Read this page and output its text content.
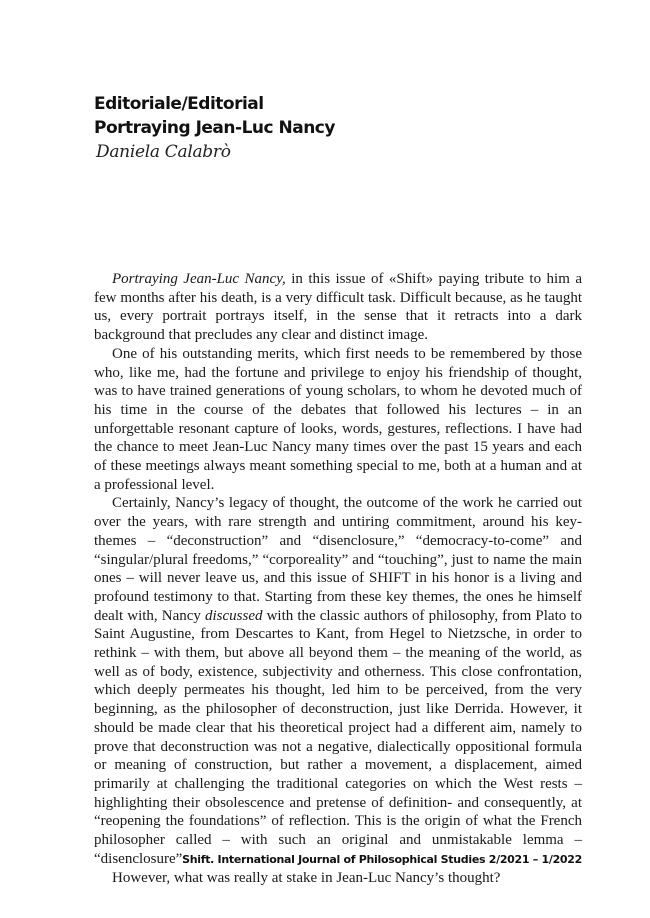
Editoriale/Editorial
Portraying Jean-Luc Nancy
Daniela Calabrò

Portraying Jean-Luc Nancy, in this issue of «Shift» paying tribute to him a few months after his death, is a very difficult task. Difficult because, as he taught us, every portrait portrays itself, in the sense that it retracts into a dark background that precludes any clear and distinct image.

One of his outstanding merits, which first needs to be remembered by those who, like me, had the fortune and privilege to enjoy his friendship of thought, was to have trained generations of young scholars, to whom he devoted much of his time in the course of the debates that followed his lectures – in an unforgettable resonant capture of looks, words, gestures, reflections. I have had the chance to meet Jean-Luc Nancy many times over the past 15 years and each of these meetings always meant something special to me, both at a human and at a professional level.

Certainly, Nancy’s legacy of thought, the outcome of the work he carried out over the years, with rare strength and untiring commitment, around his key-themes – “deconstruction” and “disenclosure,” “democracy-to-come” and “singular/plural freedoms,” “corporeality” and “touching”, just to name the main ones – will never leave us, and this issue of SHIFT in his honor is a living and profound testimony to that. Starting from these key themes, the ones he himself dealt with, Nancy discussed with the classic authors of philosophy, from Plato to Saint Augustine, from Descartes to Kant, from Hegel to Nietzsche, in order to rethink – with them, but above all beyond them – the meaning of the world, as well as of body, existence, subjectivity and otherness. This close confrontation, which deeply permeates his thought, led him to be perceived, from the very beginning, as the philosopher of deconstruction, just like Derrida. However, it should be made clear that his theoretical project had a different aim, namely to prove that deconstruction was not a negative, dialectically oppositional formula or meaning of construction, but rather a movement, a displacement, aimed primarily at challenging the traditional categories on which the West rests – highlighting their obsolescence and pretense of definition- and consequently, at “reopening the foundations” of reflection. This is the origin of what the French philosopher called – with such an original and unmistakable lemma – “disenclosure”.

However, what was really at stake in Jean-Luc Nancy’s thought?

Shift. International Journal of Philosophical Studies 2/2021 – 1/2022
